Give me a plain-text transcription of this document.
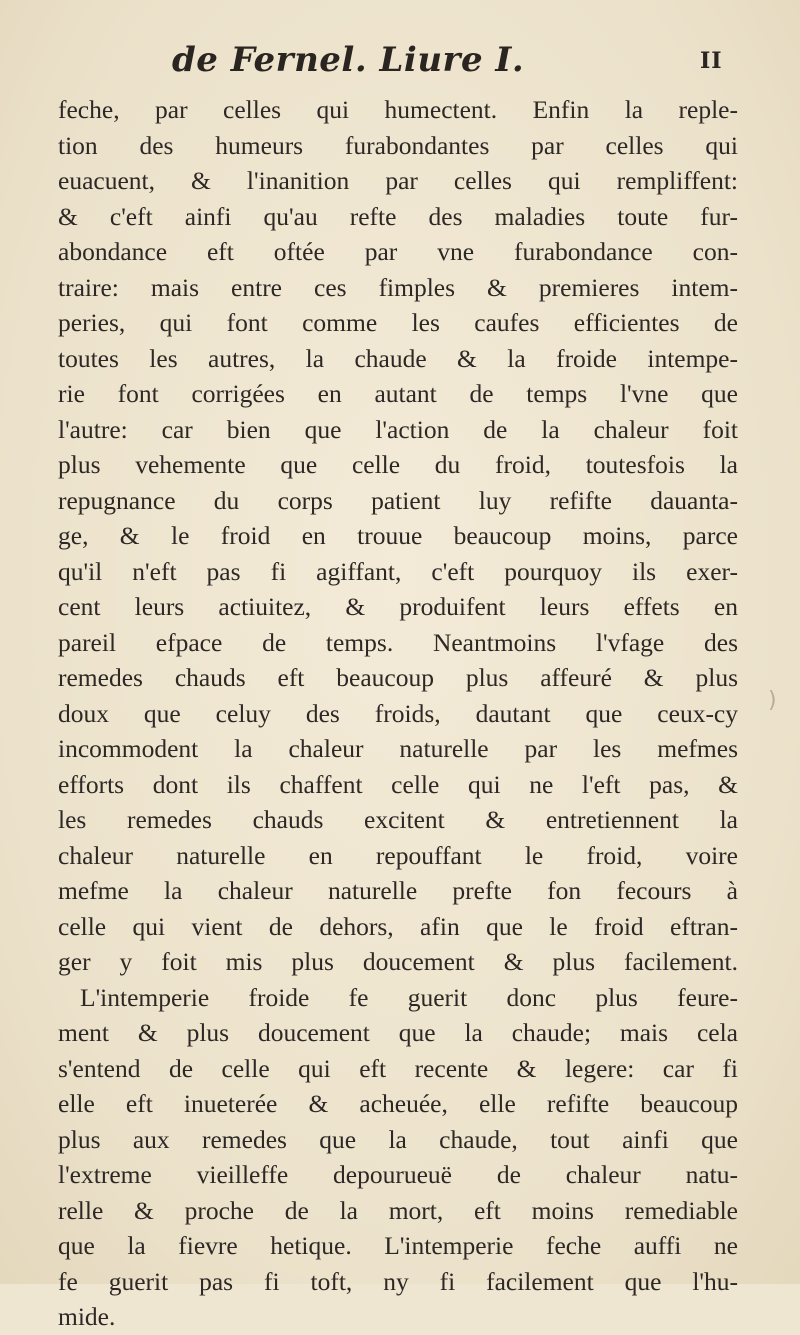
de Fernel. Liure I.	II
feche, par celles qui humectent. Enfin la reple-
tion des humeurs furabondantes par celles qui
euacuent, & l'inanition par celles qui rempliffent:
& c'eft ainfi qu'au refte des maladies toute fur-
abondance eft oftée par vne furabondance con-
traire: mais entre ces fimples & premieres intem-
peries, qui font comme les caufes efficientes de
toutes les autres, la chaude & la froide intempe-
rie font corrigées en autant de temps l'vne que
l'autre: car bien que l'action de la chaleur foit
plus vehemente que celle du froid, toutesfois la
repugnance du corps patient luy refifte dauanta-
ge, & le froid en trouue beaucoup moins, parce
qu'il n'eft pas fi agiffant, c'eft pourquoy ils exer-
cent leurs actiuitez, & produifent leurs effets en
pareil efpace de temps. Neantmoins l'vfage des
remedes chauds eft beaucoup plus affeuré & plus
doux que celuy des froids, dautant que ceux-cy
incommodent la chaleur naturelle par les mefmes
efforts dont ils chaffent celle qui ne l'eft pas, &
les remedes chauds excitent & entretiennent la
chaleur naturelle en repouffant le froid, voire
mefme la chaleur naturelle prefte fon fecours à
celle qui vient de dehors, afin que le froid eftran-
ger y foit mis plus doucement & plus facilement.
L'intemperie froide fe guerit donc plus feure-
ment & plus doucement que la chaude; mais cela
s'entend de celle qui eft recente & legere: car fi
elle eft inueterée & acheuée, elle refifte beaucoup
plus aux remedes que la chaude, tout ainfi que
l'extreme vieilleffe depourueuë de chaleur natu-
relle & proche de la mort, eft moins remediable
que la fievre hetique. L'intemperie feche auffi ne
fe guerit pas fi toft, ny fi facilement que l'hu-
mide.
)
